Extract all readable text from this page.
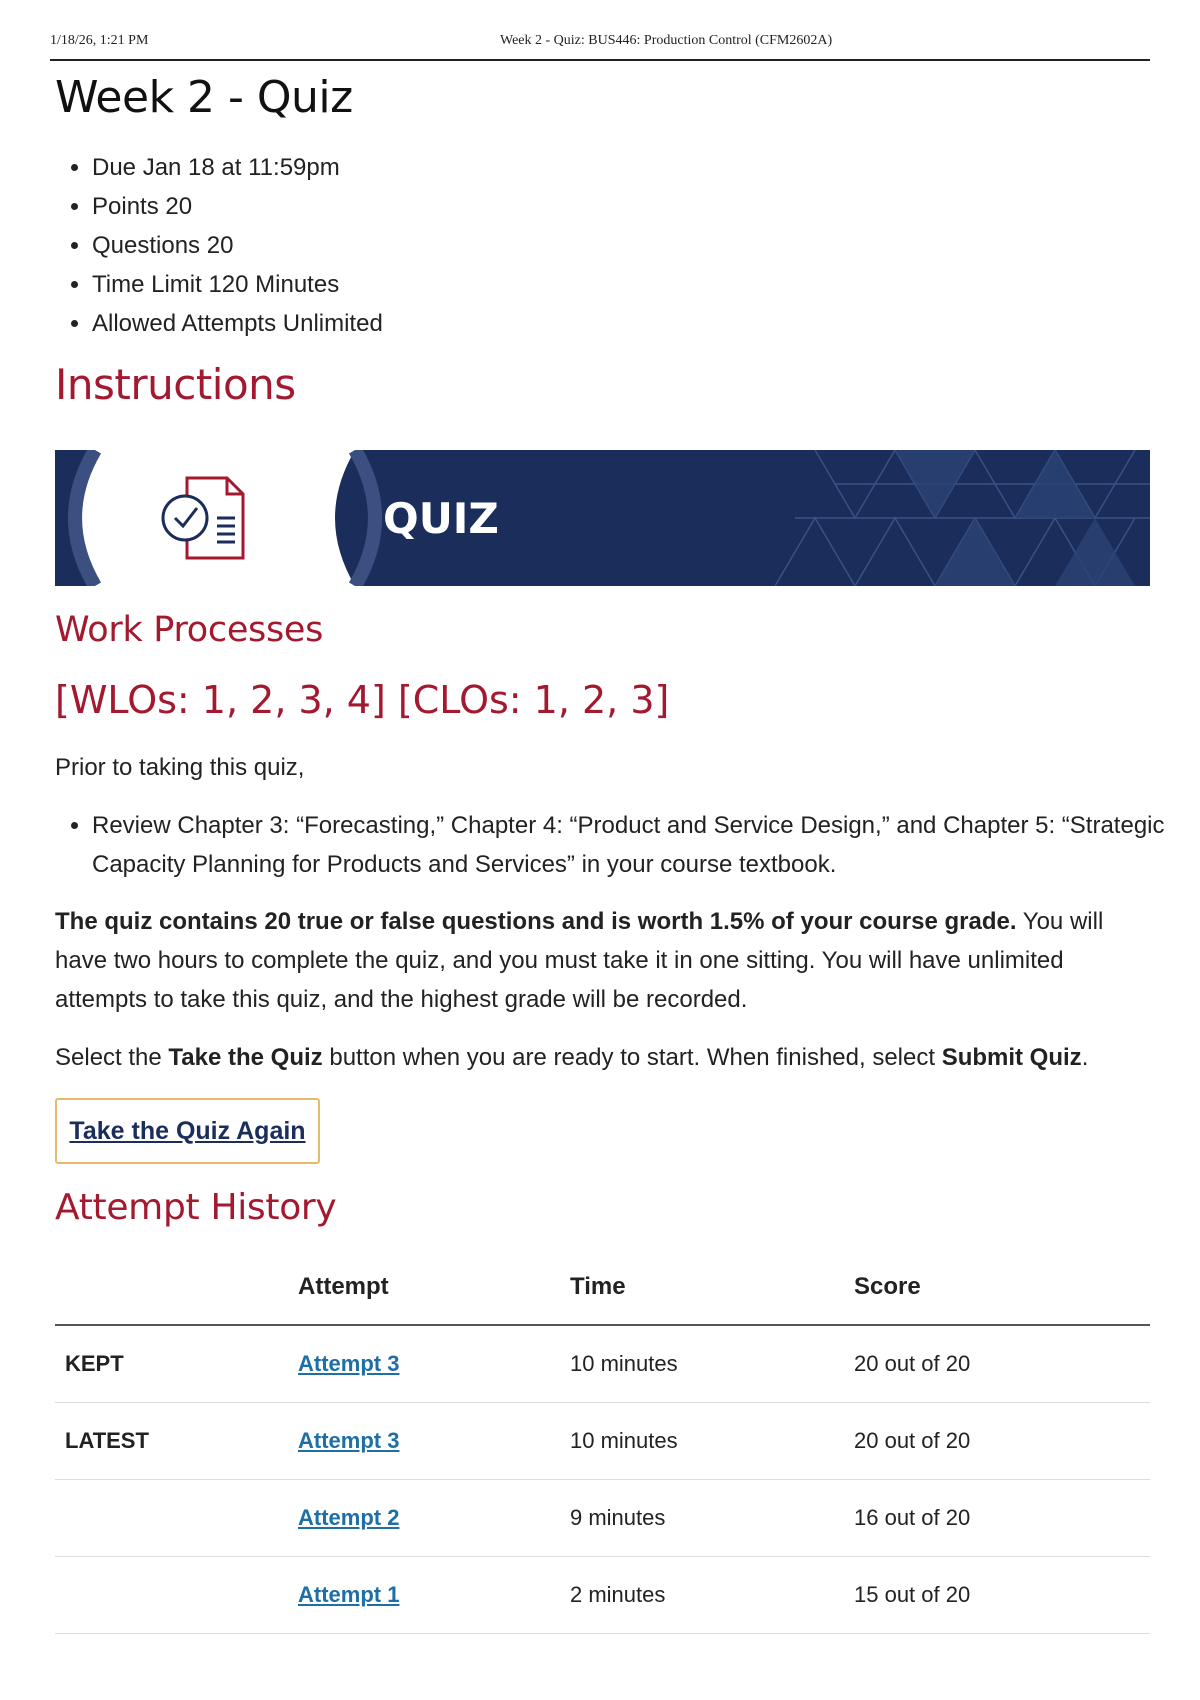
1/18/26, 1:21 PM	Week 2 - Quiz: BUS446: Production Control (CFM2602A)
Week 2 - Quiz
• Due Jan 18 at 11:59pm
• Points 20
• Questions 20
• Time Limit 120 Minutes
• Allowed Attempts Unlimited
Instructions
QUIZ
Work Processes
[WLOs: 1, 2, 3, 4] [CLOs: 1, 2, 3]

Prior to taking this quiz,

• Review Chapter 3: “Forecasting,” Chapter 4: “Product and Service Design,” and Chapter 5: “Strategic Capacity Planning for Products and Services” in your course textbook.

The quiz contains 20 true or false questions and is worth 1.5% of your course grade. You will have two hours to complete the quiz, and you must take it in one sitting. You will have unlimited attempts to take this quiz, and the highest grade will be recorded.

Select the Take the Quiz button when you are ready to start. When finished, select Submit Quiz.

Take the Quiz Again
Attempt History
	Attempt	Time	Score
KEPT	Attempt 3	10 minutes	20 out of 20
LATEST	Attempt 3	10 minutes	20 out of 20
	Attempt 2	9 minutes	16 out of 20
	Attempt 1	2 minutes	15 out of 20
